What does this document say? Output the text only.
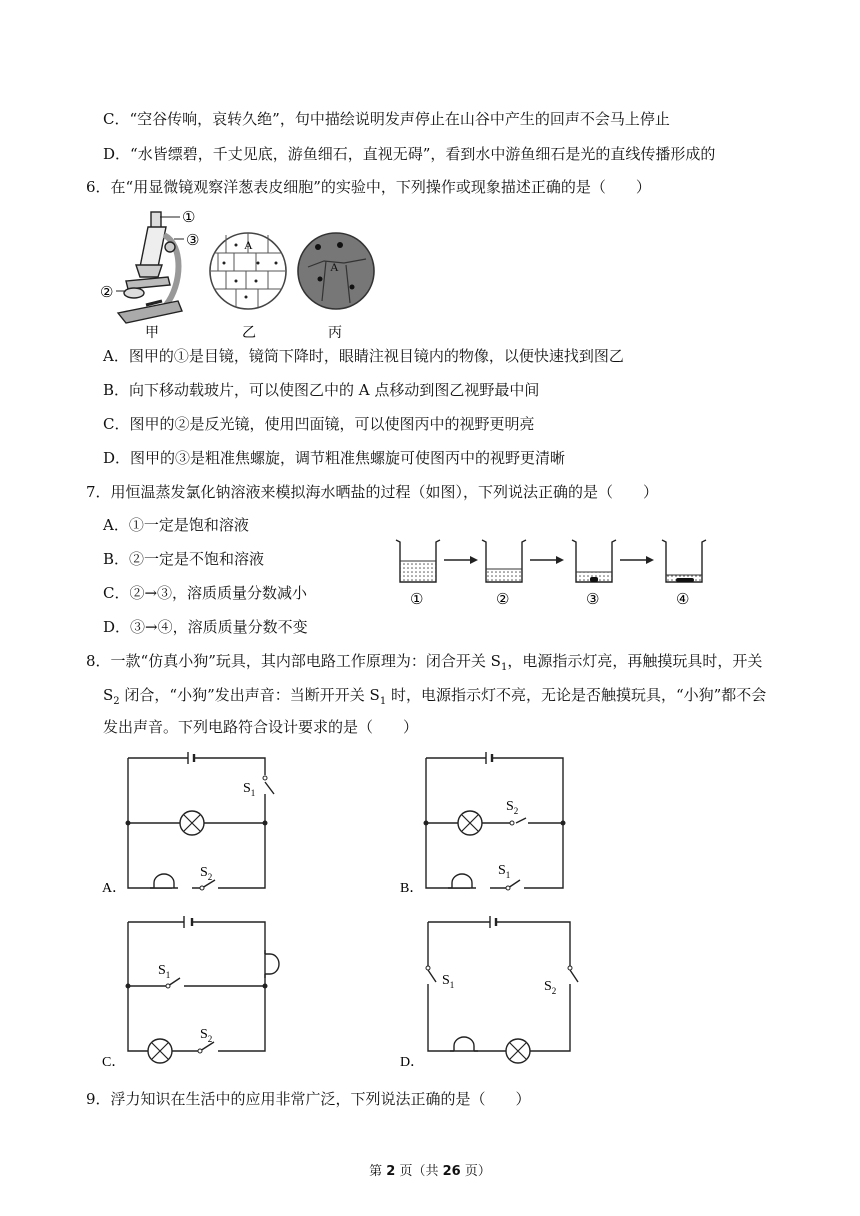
C．“空谷传响，哀转久绝”，句中描绘说明发声停止在山谷中产生的回声不会马上停止
D．“水皆缥碧，千丈见底，游鱼细石，直视无碍”，看到水中游鱼细石是光的直线传播形成的
6．在“用显微镜观察洋葱表皮细胞”的实验中，下列操作或现象描述正确的是（　　）
①
③
②
甲
A
乙
A
丙
A．图甲的①是目镜，镜筒下降时，眼睛注视目镜内的物像，以便快速找到图乙
B．向下移动载玻片，可以使图乙中的 A 点移动到图乙视野最中间
C．图甲的②是反光镜，使用凹面镜，可以使图丙中的视野更明亮
D．图甲的③是粗准焦螺旋，调节粗准焦螺旋可使图丙中的视野更清晰
7．用恒温蒸发氯化钠溶液来模拟海水晒盐的过程（如图），下列说法正确的是（　　）
A．①一定是饱和溶液
B．②一定是不饱和溶液
C．②→③，溶质质量分数减小
D．③→④，溶质质量分数不变
①	②	③	④
8．一款“仿真小狗”玩具，其内部电路工作原理为：闭合开关 $S_1$，电源指示灯亮，再触摸玩具时，开关
$S_2$ 闭合，“小狗”发出声音：当断开开关 $S_1$ 时，电源指示灯不亮，无论是否触摸玩具，“小狗”都不会
发出声音。下列电路符合设计要求的是（　　）
$S_1$
$S_2$
A．
$S_2$
$S_1$
B．
$S_1$
$S_2$
C．
$S_1$	$S_2$
D．
9．浮力知识在生活中的应用非常广泛，下列说法正确的是（　　）
第 2 页（共 26 页）
